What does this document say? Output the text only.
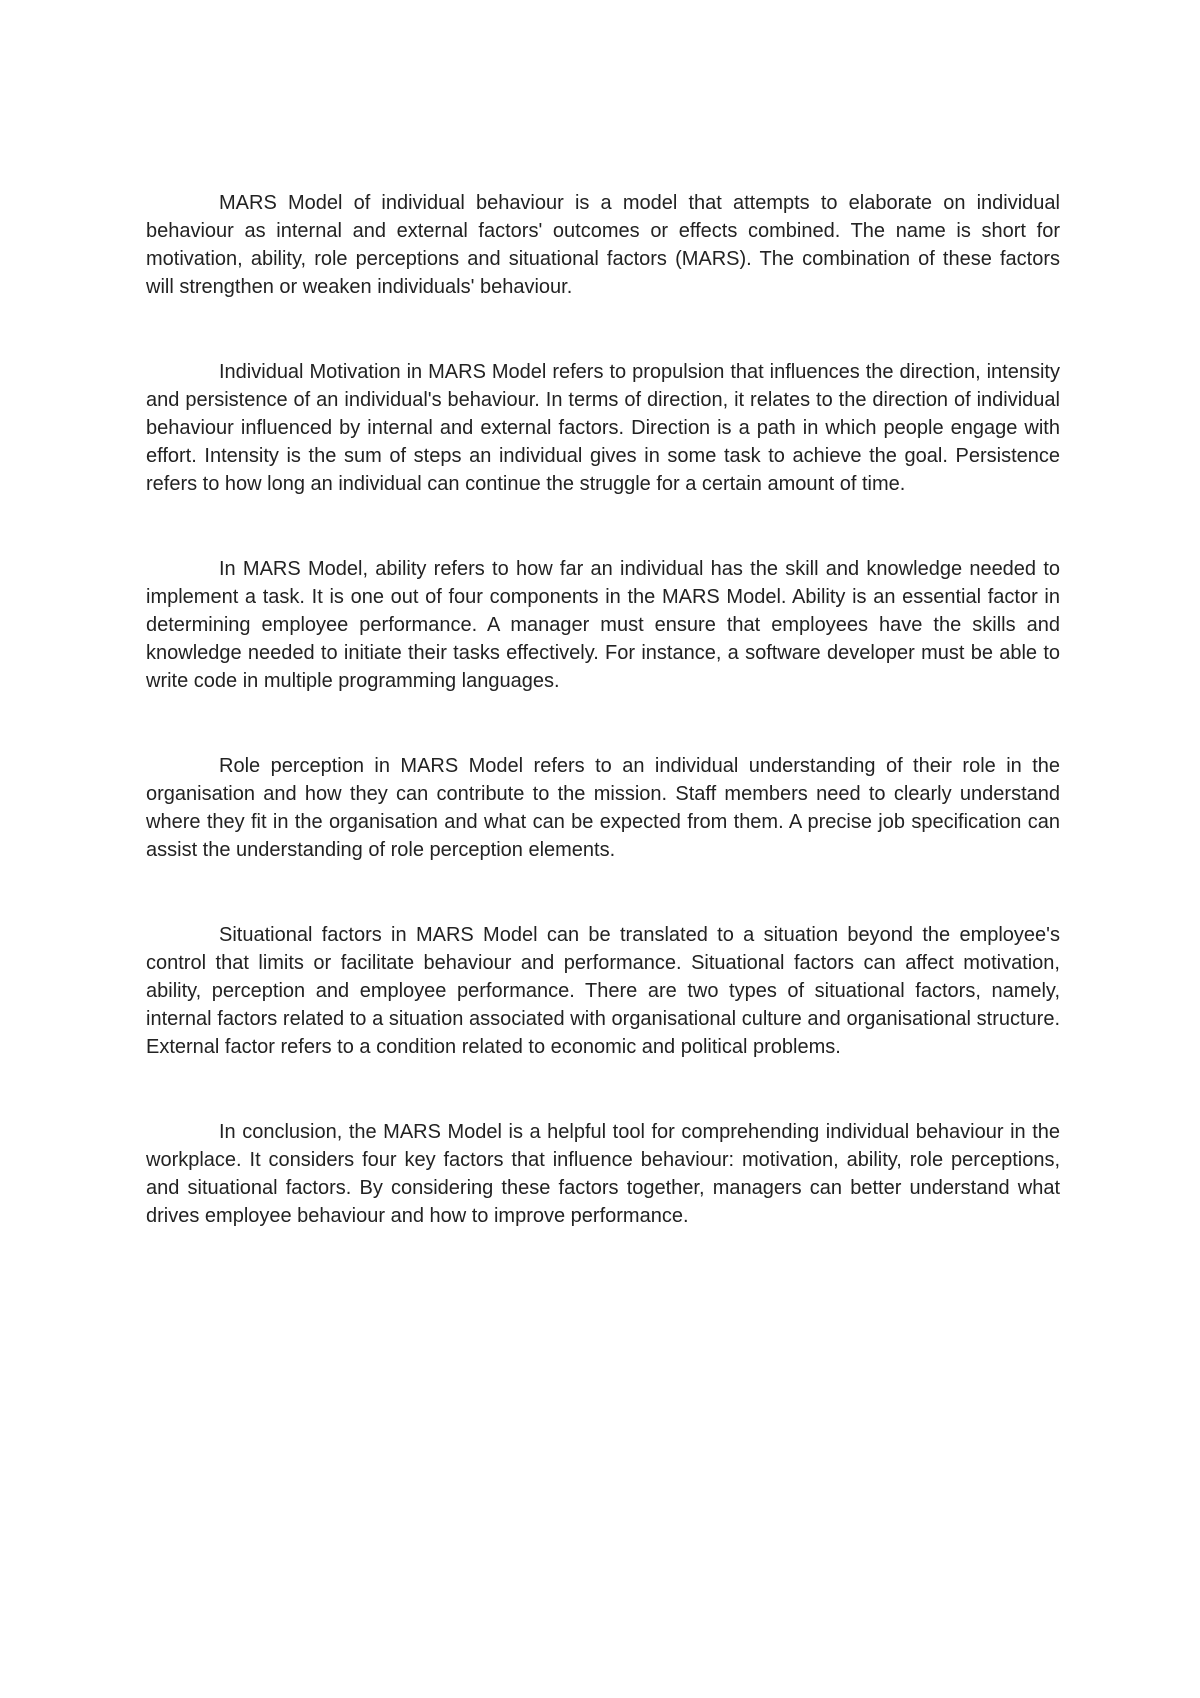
MARS Model of individual behaviour is a model that attempts to elaborate on individual behaviour as internal and external factors' outcomes or effects combined. The name is short for motivation, ability, role perceptions and situational factors (MARS). The combination of these factors will strengthen or weaken individuals' behaviour.

Individual Motivation in MARS Model refers to propulsion that influences the direction, intensity and persistence of an individual's behaviour. In terms of direction, it relates to the direction of individual behaviour influenced by internal and external factors. Direction is a path in which people engage with effort. Intensity is the sum of steps an individual gives in some task to achieve the goal. Persistence refers to how long an individual can continue the struggle for a certain amount of time.

In MARS Model, ability refers to how far an individual has the skill and knowledge needed to implement a task. It is one out of four components in the MARS Model. Ability is an essential factor in determining employee performance. A manager must ensure that employees have the skills and knowledge needed to initiate their tasks effectively. For instance, a software developer must be able to write code in multiple programming languages.

Role perception in MARS Model refers to an individual understanding of their role in the organisation and how they can contribute to the mission. Staff members need to clearly understand where they fit in the organisation and what can be expected from them. A precise job specification can assist the understanding of role perception elements.

Situational factors in MARS Model can be translated to a situation beyond the employee's control that limits or facilitate behaviour and performance. Situational factors can affect motivation, ability, perception and employee performance. There are two types of situational factors, namely, internal factors related to a situation associated with organisational culture and organisational structure. External factor refers to a condition related to economic and political problems.

In conclusion, the MARS Model is a helpful tool for comprehending individual behaviour in the workplace. It considers four key factors that influence behaviour: motivation, ability, role perceptions, and situational factors. By considering these factors together, managers can better understand what drives employee behaviour and how to improve performance.
